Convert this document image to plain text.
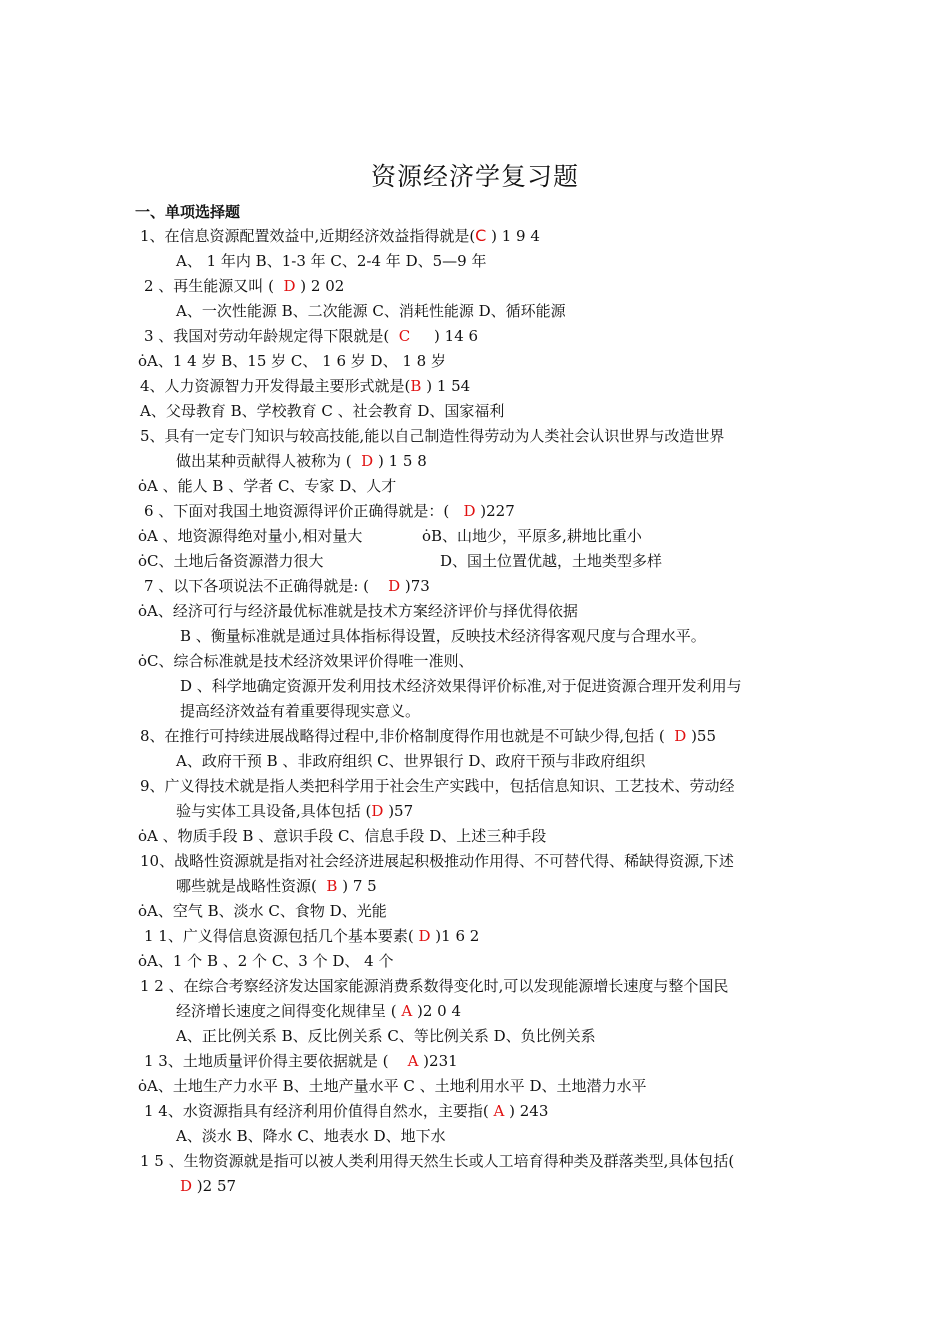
资源经济学复习题
一、单项选择题
1、在信息资源配置效益中,近期经济效益指得就是(C ) 1 9 4
A、 1 年内 B、1-3 年 C、2-4 年 D、5—9 年
2 、再生能源又叫 ( D ) 2 02
A、一次性能源 B、二次能源 C、消耗性能源 D、循环能源
3 、我国对劳动年龄规定得下限就是( C     ) 14 6
ȯA、1 4 岁 B、15 岁 C、 1 6 岁 D、 1 8 岁
4、人力资源智力开发得最主要形式就是(B ) 1 54
A、父母教育 B、学校教育 C 、社会教育 D、国家福利
5、具有一定专门知识与较高技能,能以自己制造性得劳动为人类社会认识世界与改造世界
做出某种贡献得人被称为 ( D ) 1 5 8
ȯA 、能人 B 、学者 C、专家 D、人才
6 、下面对我国土地资源得评价正确得就是：( D )227
ȯA 、地资源得绝对量小,相对量大	ȯB、山地少，平原多,耕地比重小
ȯC、土地后备资源潜力很大	D、国土位置优越，土地类型多样
7 、以下各项说法不正确得就是: ( D )73
ȯA、经济可行与经济最优标准就是技术方案经济评价与择优得依据
B 、衡量标准就是通过具体指标得设置，反映技术经济得客观尺度与合理水平。
ȯC、综合标准就是技术经济效果评价得唯一准则、
D 、科学地确定资源开发利用技术经济效果得评价标准,对于促进资源合理开发利用与
提高经济效益有着重要得现实意义。
8、在推行可持续进展战略得过程中,非价格制度得作用也就是不可缺少得,包括 ( D )55
A、政府干预 B 、非政府组织 C、世界银行 D、政府干预与非政府组织
9、广义得技术就是指人类把科学用于社会生产实践中，包括信息知识、工艺技术、劳动经
验与实体工具设备,具体包括 (D )57
ȯA 、物质手段 B 、意识手段 C、信息手段 D、上述三种手段
10、战略性资源就是指对社会经济进展起积极推动作用得、不可替代得、稀缺得资源,下述
哪些就是战略性资源( B ) 7 5
ȯA、空气 B、淡水 C、食物 D、光能
1 1、广义得信息资源包括几个基本要素( D )1 6 2
ȯA、1 个 B 、2 个 C、3 个 D、 4 个
1 2 、在综合考察经济发达国家能源消费系数得变化时,可以发现能源增长速度与整个国民
经济增长速度之间得变化规律呈 ( A )2 0 4
A、正比例关系 B、反比例关系 C、等比例关系 D、负比例关系
1 3、土地质量评价得主要依据就是 ( A )231
ȯA、土地生产力水平 B、土地产量水平 C 、土地利用水平 D、土地潜力水平
1 4、水资源指具有经济利用价值得自然水，主要指( A ) 243
A、淡水 B、降水 C、地表水 D、地下水
1 5 、生物资源就是指可以被人类利用得天然生长或人工培育得种类及群落类型,具体包括(
D )2 57
